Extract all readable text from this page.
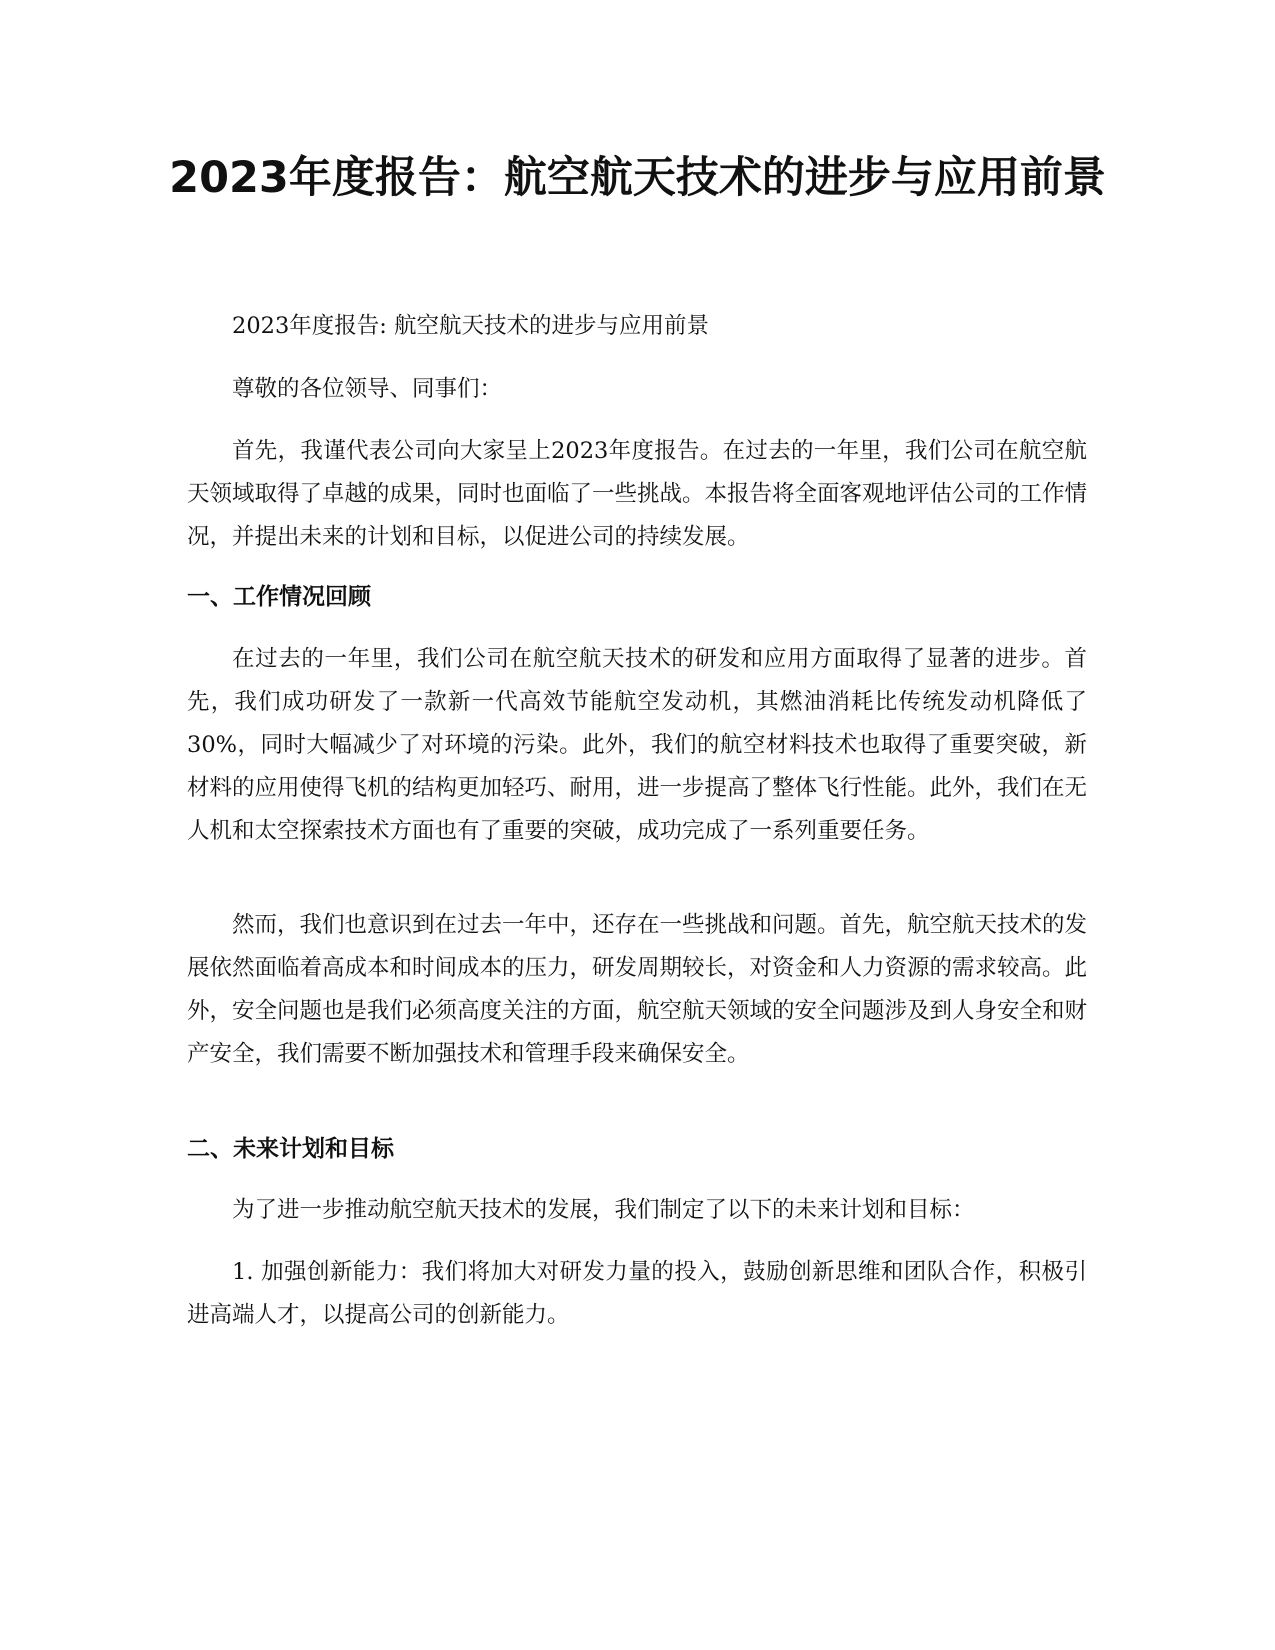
2023年度报告：航空航天技术的进步与应用前景

2023年度报告: 航空航天技术的进步与应用前景

尊敬的各位领导、同事们：

首先，我谨代表公司向大家呈上2023年度报告。在过去的一年里，我们公司在航空航天领域取得了卓越的成果，同时也面临了一些挑战。本报告将全面客观地评估公司的工作情况，并提出未来的计划和目标，以促进公司的持续发展。

一、工作情况回顾

在过去的一年里，我们公司在航空航天技术的研发和应用方面取得了显著的进步。首先，我们成功研发了一款新一代高效节能航空发动机，其燃油消耗比传统发动机降低了30%，同时大幅减少了对环境的污染。此外，我们的航空材料技术也取得了重要突破，新材料的应用使得飞机的结构更加轻巧、耐用，进一步提高了整体飞行性能。此外，我们在无人机和太空探索技术方面也有了重要的突破，成功完成了一系列重要任务。

然而，我们也意识到在过去一年中，还存在一些挑战和问题。首先，航空航天技术的发展依然面临着高成本和时间成本的压力，研发周期较长，对资金和人力资源的需求较高。此外，安全问题也是我们必须高度关注的方面，航空航天领域的安全问题涉及到人身安全和财产安全，我们需要不断加强技术和管理手段来确保安全。

二、未来计划和目标

为了进一步推动航空航天技术的发展，我们制定了以下的未来计划和目标：

1. 加强创新能力：我们将加大对研发力量的投入，鼓励创新思维和团队合作，积极引进高端人才，以提高公司的创新能力。
